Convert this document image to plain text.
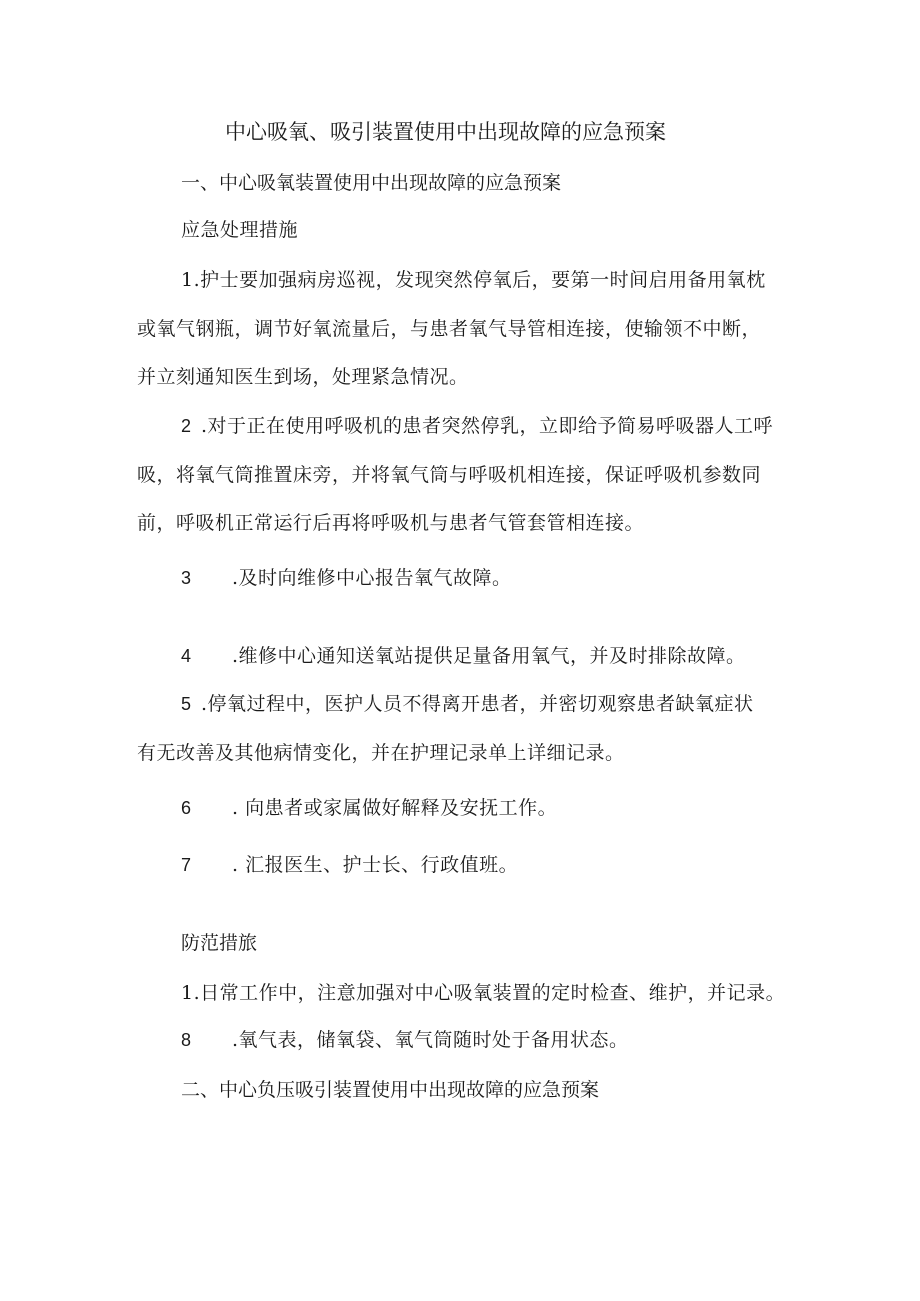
中心吸氧、吸引装置使用中出现故障的应急预案
一、中心吸氧装置使用中出现故障的应急预案
应急处理措施
1.护士要加强病房巡视，发现突然停氧后，要第一时间启用备用氧枕
或氧气钢瓶，调节好氧流量后，与患者氧气导管相连接，使输领不中断，
并立刻通知医生到场，处理紧急情况。
2 .对于正在使用呼吸机的患者突然停乳，立即给予简易呼吸器人工呼
吸，将氧气筒推置床旁，并将氧气筒与呼吸机相连接，保证呼吸机参数同
前，呼吸机正常运行后再将呼吸机与患者气管套管相连接。
3 .及时向维修中心报告氧气故障。
4 .维修中心通知送氧站提供足量备用氧气，并及时排除故障。
5 .停氧过程中，医护人员不得离开患者，并密切观察患者缺氧症状
有无改善及其他病情变化，并在护理记录单上详细记录。
6 . 向患者或家属做好解释及安抚工作。
7 . 汇报医生、护士长、行政值班。
防范措旅
1.日常工作中，注意加强对中心吸氧装置的定时检查、维护，并记录。
8 .氧气表，储氧袋、氧气筒随时处于备用状态。
二、中心负压吸引装置使用中出现故障的应急预案
